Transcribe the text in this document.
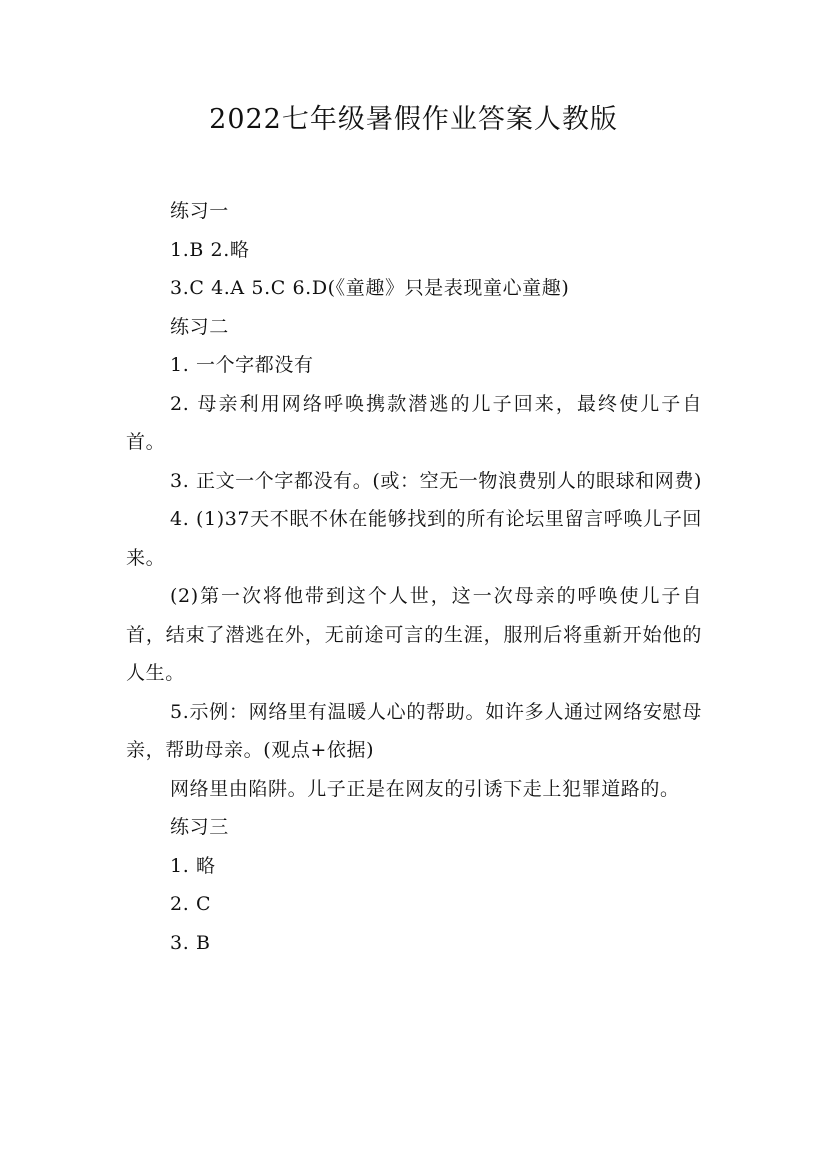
2022七年级暑假作业答案人教版

练习一

1.B 2.略

3.C 4.A 5.C 6.D(《童趣》只是表现童心童趣)

练习二

1. 一个字都没有

2. 母亲利用网络呼唤携款潜逃的儿子回来，最终使儿子自首。

3. 正文一个字都没有。(或：空无一物浪费别人的眼球和网费)

4. (1)37天不眠不休在能够找到的所有论坛里留言呼唤儿子回来。

(2)第一次将他带到这个人世，这一次母亲的呼唤使儿子自首，结束了潜逃在外，无前途可言的生涯，服刑后将重新开始他的人生。

5.示例：网络里有温暖人心的帮助。如许多人通过网络安慰母亲，帮助母亲。(观点+依据)

网络里由陷阱。儿子正是在网友的引诱下走上犯罪道路的。

练习三

1. 略

2. C

3. B
